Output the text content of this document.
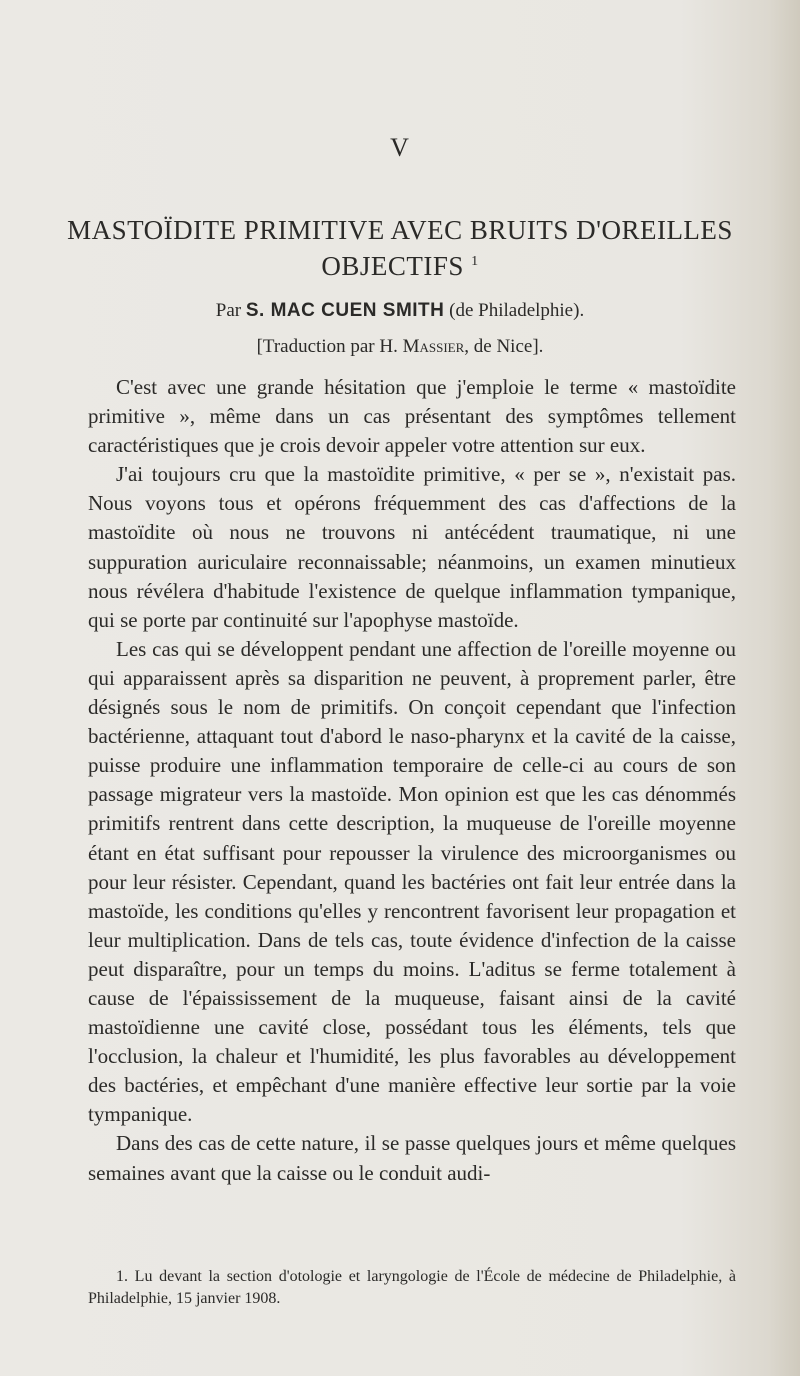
V
MASTOÏDITE PRIMITIVE AVEC BRUITS D'OREILLES
OBJECTIFS $^1$
Par S. MAC CUEN SMITH (de Philadelphie).
[Traduction par H. Massier, de Nice].

C'est avec une grande hésitation que j'emploie le terme « mastoïdite primitive », même dans un cas présentant des symptômes tellement caractéristiques que je crois devoir appeler votre attention sur eux.

J'ai toujours cru que la mastoïdite primitive, « per se », n'existait pas. Nous voyons tous et opérons fréquemment des cas d'affections de la mastoïdite où nous ne trouvons ni antécédent traumatique, ni une suppuration auriculaire reconnaissable; néanmoins, un examen minutieux nous révélera d'habitude l'existence de quelque inflammation tympanique, qui se porte par continuité sur l'apophyse mastoïde.

Les cas qui se développent pendant une affection de l'oreille moyenne ou qui apparaissent après sa disparition ne peuvent, à proprement parler, être désignés sous le nom de primitifs. On conçoit cependant que l'infection bactérienne, attaquant tout d'abord le naso-pharynx et la cavité de la caisse, puisse produire une inflammation temporaire de celle-ci au cours de son passage migrateur vers la mastoïde. Mon opinion est que les cas dénommés primitifs rentrent dans cette description, la muqueuse de l'oreille moyenne étant en état suffisant pour repousser la virulence des microorganismes ou pour leur résister. Cependant, quand les bactéries ont fait leur entrée dans la mastoïde, les conditions qu'elles y rencontrent favorisent leur propagation et leur multiplication. Dans de tels cas, toute évidence d'infection de la caisse peut disparaître, pour un temps du moins. L'aditus se ferme totalement à cause de l'épaississement de la muqueuse, faisant ainsi de la cavité mastoïdienne une cavité close, possédant tous les éléments, tels que l'occlusion, la chaleur et l'humidité, les plus favorables au développement des bactéries, et empêchant d'une manière effective leur sortie par la voie tympanique.

Dans des cas de cette nature, il se passe quelques jours et même quelques semaines avant que la caisse ou le conduit audi-

1. Lu devant la section d'otologie et laryngologie de l'École de médecine de Philadelphie, à Philadelphie, 15 janvier 1908.
